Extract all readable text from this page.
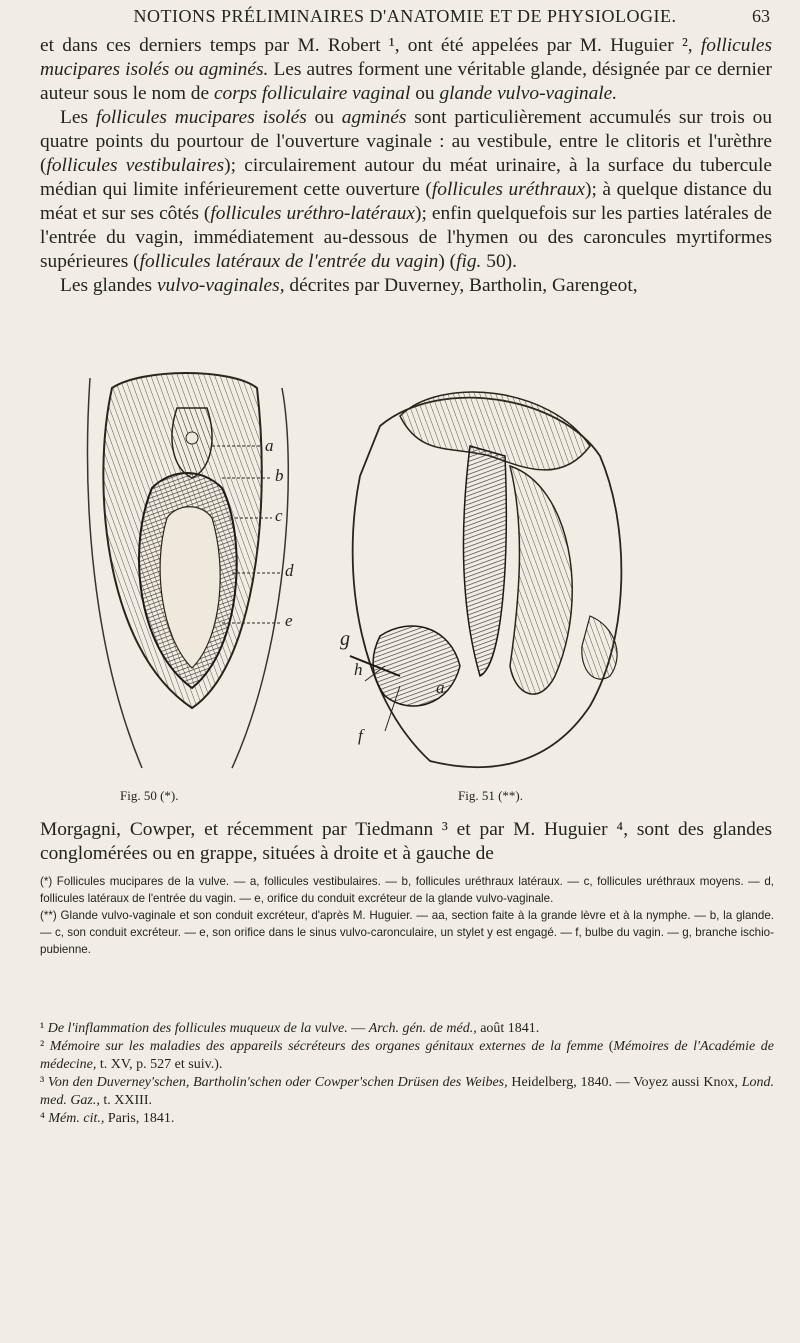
NOTIONS PRÉLIMINAIRES D'ANATOMIE ET DE PHYSIOLOGIE.	63

et dans ces derniers temps par M. Robert ¹, ont été appelées par M. Huguier ², follicules mucipares isolés ou agminés. Les autres forment une véritable glande, désignée par ce dernier auteur sous le nom de corps folliculaire vaginal ou glande vulvo-vaginale.

Les follicules mucipares isolés ou agminés sont particulièrement accumulés sur trois ou quatre points du pourtour de l'ouverture vaginale : au vestibule, entre le clitoris et l'urèthre (follicules vestibulaires); circulairement autour du méat urinaire, à la surface du tubercule médian qui limite inférieurement cette ouverture (follicules uréthraux); à quelque distance du méat et sur ses côtés (follicules uréthro-latéraux); enfin quelquefois sur les parties latérales de l'entrée du vagin, immédiatement au-dessous de l'hymen ou des caroncules myrtiformes supérieures (follicules latéraux de l'entrée du vagin) (fig. 50).

Les glandes vulvo-vaginales, décrites par Duverney, Bartholin, Garengeot,

a
b
c
d
e
Fig. 50 (*).
g
h
f
a
Fig. 51 (**).

Morgagni, Cowper, et récemment par Tiedmann ³ et par M. Huguier ⁴, sont des glandes conglomérées ou en grappe, situées à droite et à gauche de

(*) Follicules mucipares de la vulve. — a, follicules vestibulaires. — b, follicules uréthraux latéraux. — c, follicules uréthraux moyens. — d, follicules latéraux de l'entrée du vagin. — e, orifice du conduit excréteur de la glande vulvo-vaginale.

(**) Glande vulvo-vaginale et son conduit excréteur, d'après M. Huguier. — aa, section faite à la grande lèvre et à la nymphe. — b, la glande. — c, son conduit excréteur. — e, son orifice dans le sinus vulvo-caronculaire, un stylet y est engagé. — f, bulbe du vagin. — g, branche ischio-pubienne.

¹ De l'inflammation des follicules muqueux de la vulve. — Arch. gén. de méd., août 1841.

² Mémoire sur les maladies des appareils sécréteurs des organes génitaux externes de la femme (Mémoires de l'Académie de médecine, t. XV, p. 527 et suiv.).

³ Von den Duverney'schen, Bartholin'schen oder Cowper'schen Drüsen des Weibes, Heidelberg, 1840. — Voyez aussi Knox, Lond. med. Gaz., t. XXIII.

⁴ Mém. cit., Paris, 1841.
